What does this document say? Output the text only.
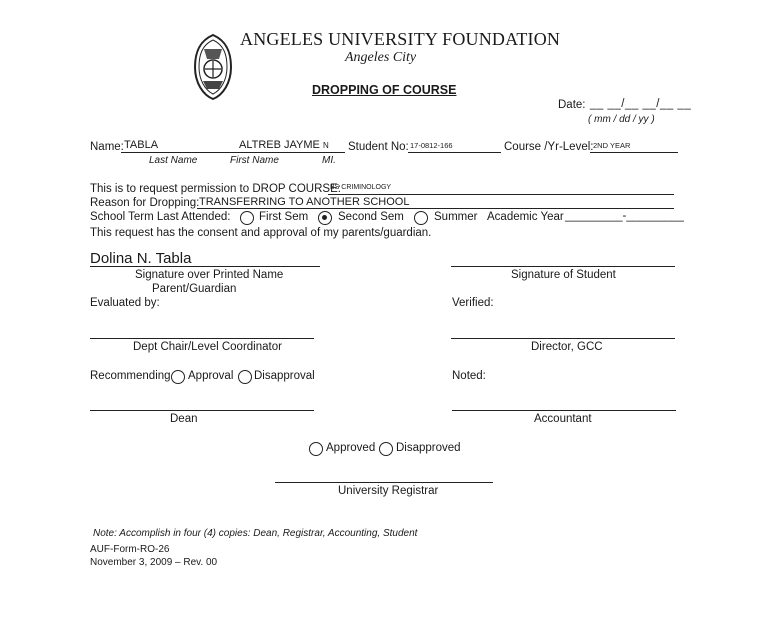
ANGELES UNIVERSITY FOUNDATION
Angeles City
DROPPING OF COURSE
Date: __ __/__ __/__ __
( mm / dd / yy )
Name: TABLA	ALTREB JAYME N
Last Name	First Name	MI.
Student No: 17-0812-166	Course /Yr-Level: 2ND YEAR
This is to request permission to DROP COURSE:
BS CRIMINOLOGY
Reason for Dropping: TRANSFERRING TO ANOTHER SCHOOL
School Term Last Attended: First Sem	Second Sem	Summer Academic Year _________-_________
This request has the consent and approval of my parents/guardian.
Dolina N. Tabla
Signature over Printed Name
Parent/Guardian
Signature of Student
Evaluated by:	Verified:
Dept Chair/Level Coordinator	Director, GCC
Recommending Approval Disapproval	Noted:
Dean	Accountant
Approved Disapproved
University Registrar
Note: Accomplish in four (4) copies: Dean, Registrar, Accounting, Student
AUF-Form-RO-26
November 3, 2009 – Rev. 00
